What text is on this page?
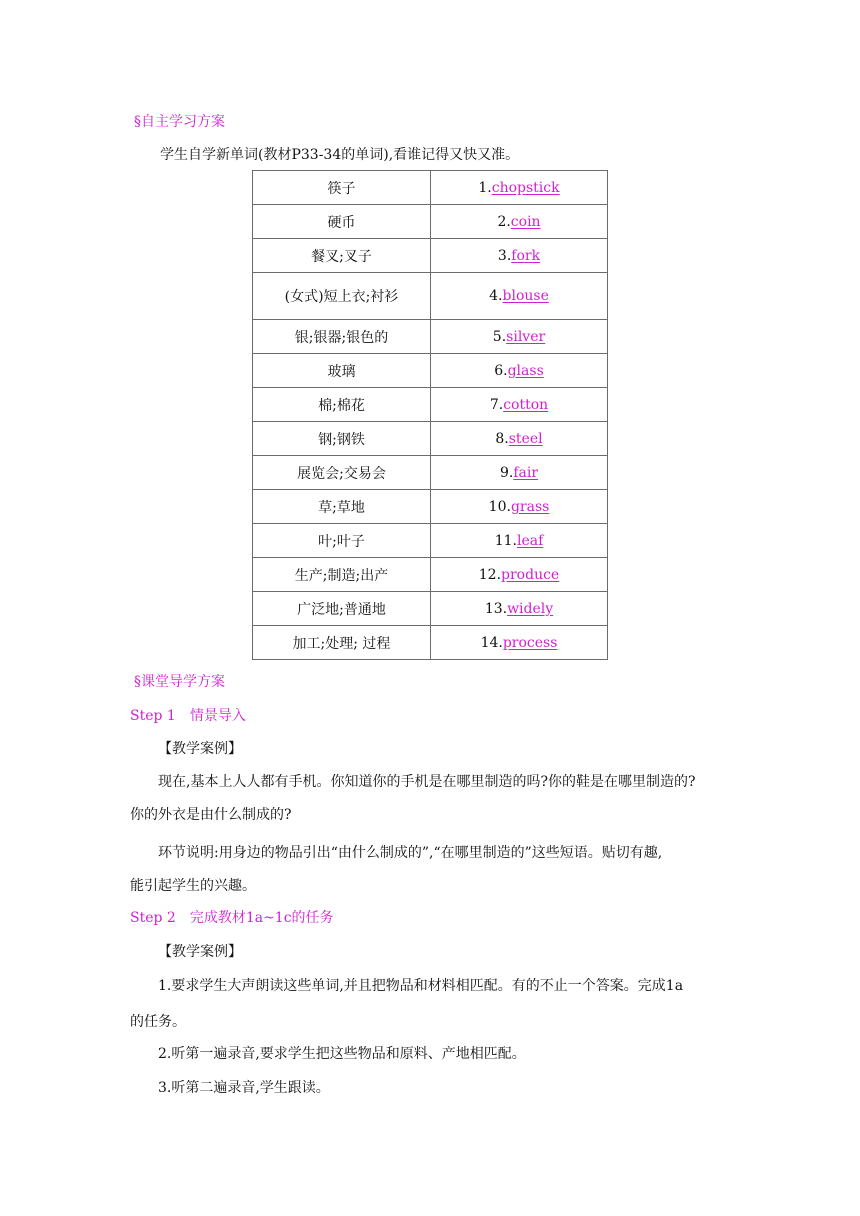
§自主学习方案
学生自学新单词(教材P33-34的单词),看谁记得又快又准。
筷子	1.chopstick
硬币	2.coin
餐叉;叉子	3.fork
(女式)短上衣;衬衫	4.blouse
银;银器;银色的	5.silver
玻璃	6.glass
棉;棉花	7.cotton
钢;钢铁	8.steel
展览会;交易会	9.fair
草;草地	10.grass
叶;叶子	11.leaf
生产;制造;出产	12.produce
广泛地;普通地	13.widely
加工;处理; 过程	14.process
§课堂导学方案
Step 1　情景导入
【教学案例】
现在,基本上人人都有手机。你知道你的手机是在哪里制造的吗?你的鞋是在哪里制造的?
你的外衣是由什么制成的?
环节说明:用身边的物品引出“由什么制成的”,“在哪里制造的”这些短语。贴切有趣,
能引起学生的兴趣。
Step 2　完成教材1a~1c的任务
【教学案例】
1.要求学生大声朗读这些单词,并且把物品和材料相匹配。有的不止一个答案。完成1a
的任务。
2.听第一遍录音,要求学生把这些物品和原料、产地相匹配。
3.听第二遍录音,学生跟读。
